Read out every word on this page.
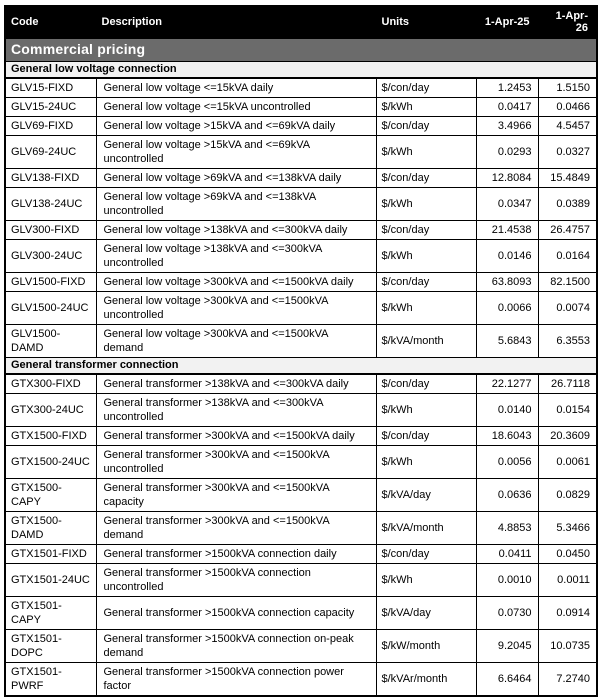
Code	Description	Units	1-Apr-25	1-Apr-26
Commercial pricing				
General low voltage connection				
GLV15-FIXD	General low voltage <=15kVA daily	$/con/day	1.2453	1.5150
GLV15-24UC	General low voltage <=15kVA uncontrolled	$/kWh	0.0417	0.0466
GLV69-FIXD	General low voltage >15kVA and <=69kVA daily	$/con/day	3.4966	4.5457
GLV69-24UC	General low voltage >15kVA and <=69kVA uncontrolled	$/kWh	0.0293	0.0327
GLV138-FIXD	General low voltage >69kVA and <=138kVA daily	$/con/day	12.8084	15.4849
GLV138-24UC	General low voltage >69kVA and <=138kVA uncontrolled	$/kWh	0.0347	0.0389
GLV300-FIXD	General low voltage >138kVA and <=300kVA daily	$/con/day	21.4538	26.4757
GLV300-24UC	General low voltage >138kVA and <=300kVA uncontrolled	$/kWh	0.0146	0.0164
GLV1500-FIXD	General low voltage >300kVA and <=1500kVA daily	$/con/day	63.8093	82.1500
GLV1500-24UC	General low voltage >300kVA and <=1500kVA uncontrolled	$/kWh	0.0066	0.0074
GLV1500-DAMD	General low voltage >300kVA and <=1500kVA demand	$/kVA/month	5.6843	6.3553
General transformer connection				
GTX300-FIXD	General transformer >138kVA and <=300kVA daily	$/con/day	22.1277	26.7118
GTX300-24UC	General transformer >138kVA and <=300kVA uncontrolled	$/kWh	0.0140	0.0154
GTX1500-FIXD	General transformer >300kVA and <=1500kVA daily	$/con/day	18.6043	20.3609
GTX1500-24UC	General transformer >300kVA and <=1500kVA uncontrolled	$/kWh	0.0056	0.0061
GTX1500-CAPY	General transformer >300kVA and <=1500kVA capacity	$/kVA/day	0.0636	0.0829
GTX1500-DAMD	General transformer >300kVA and <=1500kVA demand	$/kVA/month	4.8853	5.3466
GTX1501-FIXD	General transformer >1500kVA connection daily	$/con/day	0.0411	0.0450
GTX1501-24UC	General transformer >1500kVA connection uncontrolled	$/kWh	0.0010	0.0011
GTX1501-CAPY	General transformer >1500kVA connection capacity	$/kVA/day	0.0730	0.0914
GTX1501-DOPC	General transformer >1500kVA connection on-peak demand	$/kW/month	9.2045	10.0735
GTX1501-PWRF	General transformer >1500kVA connection power factor	$/kVAr/month	6.6464	7.2740
